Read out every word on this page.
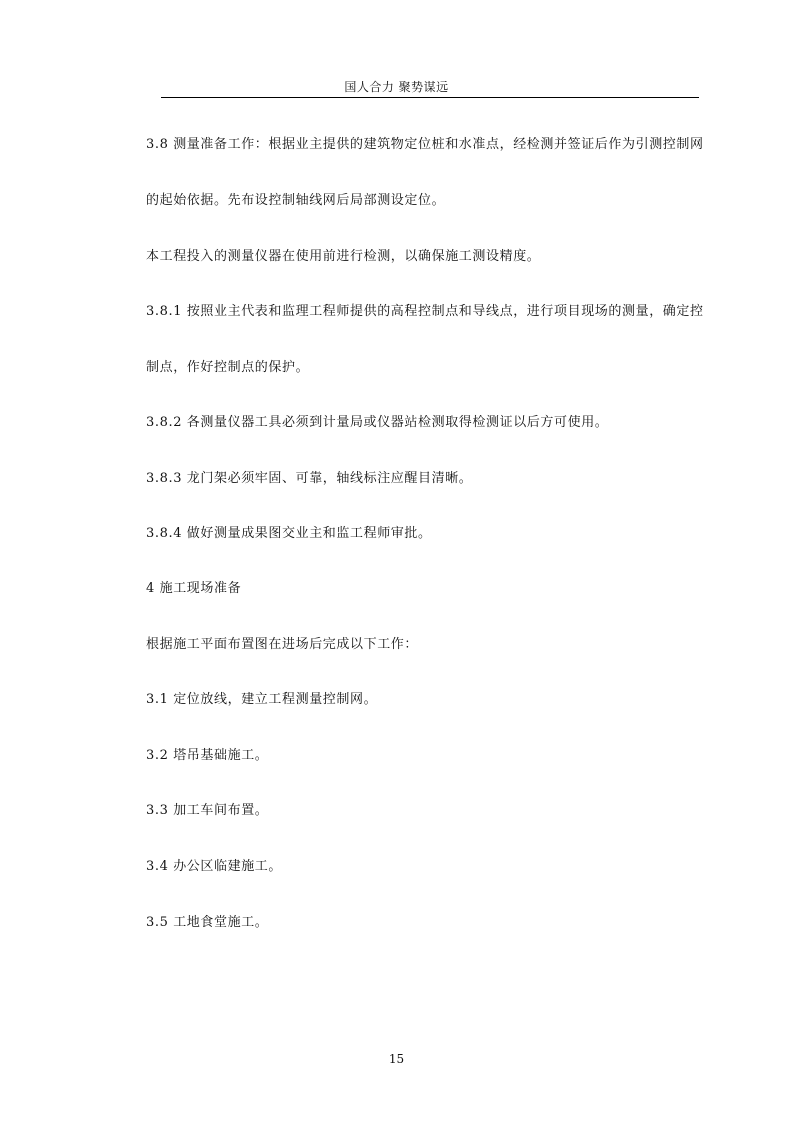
国人合力 聚势谋远
3.8 测量准备工作：根据业主提供的建筑物定位桩和水准点，经检测并签证后作为引测控制网
的起始依据。先布设控制轴线网后局部测设定位。
本工程投入的测量仪器在使用前进行检测，以确保施工测设精度。
3.8.1 按照业主代表和监理工程师提供的高程控制点和导线点，进行项目现场的测量，确定控
制点，作好控制点的保护。
3.8.2 各测量仪器工具必须到计量局或仪器站检测取得检测证以后方可使用。
3.8.3 龙门架必须牢固、可靠，轴线标注应醒目清晰。
3.8.4 做好测量成果图交业主和监工程师审批。
4 施工现场准备
根据施工平面布置图在进场后完成以下工作：
3.1 定位放线，建立工程测量控制网。
3.2 塔吊基础施工。
3.3 加工车间布置。
3.4 办公区临建施工。
3.5 工地食堂施工。
15
